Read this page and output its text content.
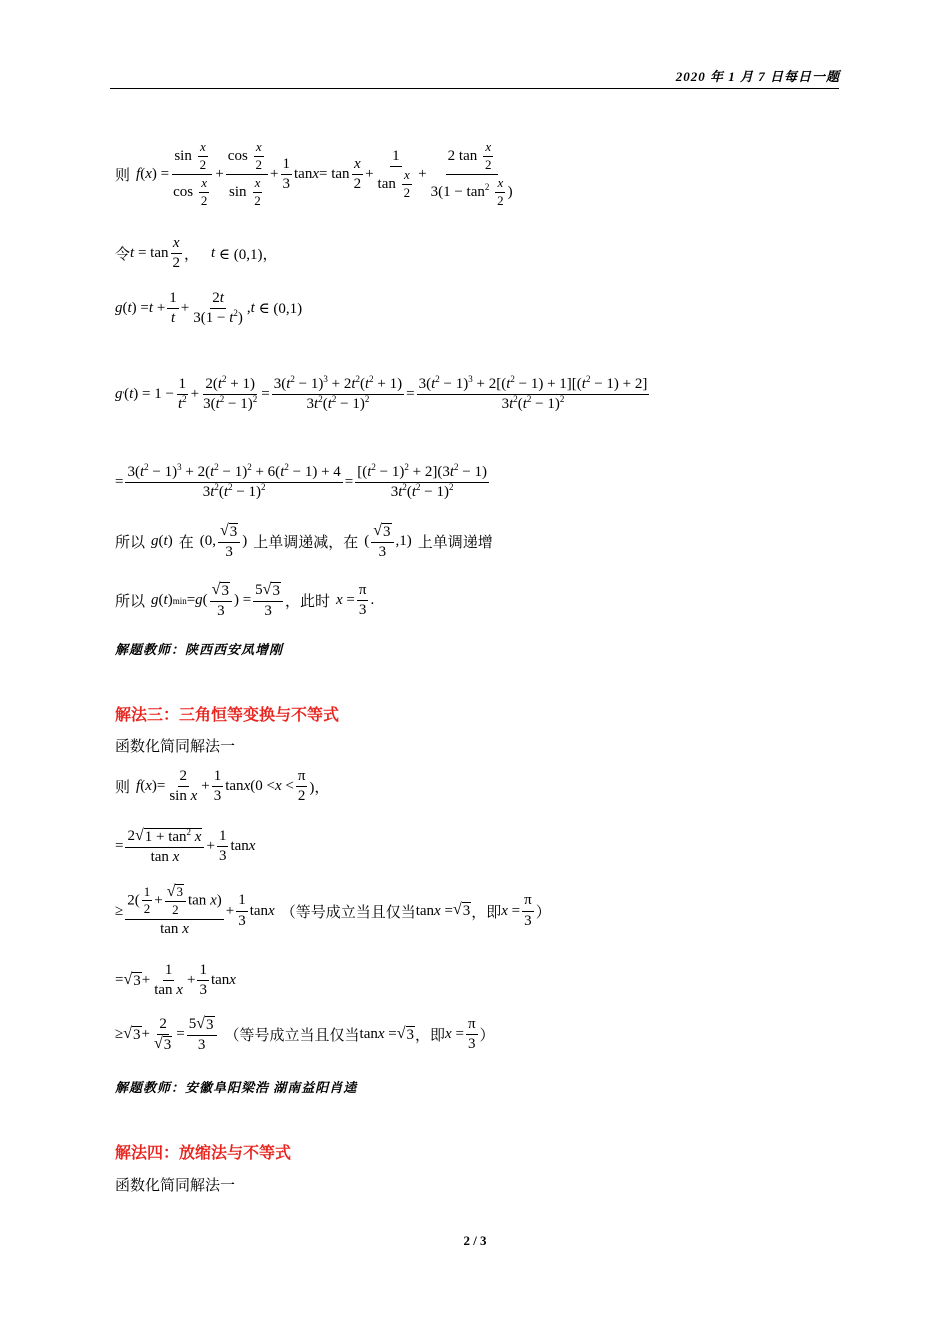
2020 年 1 月 7 日每日一题
则 f ( x ) = $\frac{\sin \frac{x}{2}}{\cos \frac{x}{2}} + \frac{\cos \frac{x}{2}}{\sin \frac{x}{2}} + \frac{1}{3}$ $\tan x = \tan \frac{x}{2} + \frac{1}{\tan \frac{x}{2}} + \frac{2 \tan \frac{x}{2}}{3(1 - \tan^2 \frac{x}{2} )}$
令 $t = \tan \frac{x}{2}$ ， t ∈ (0,1)，
g ( t ) = $t + \frac{1}{t} + \frac{2t}{3(1 - t^2)}$ , t ∈ (0,1)
g ' ( t ) = $1 - \frac{1}{t^2} + \frac{2(t^2 + 1)}{3(t^2 - 1)^2} = \frac{3(t^2 - 1)^3 + 2t^2(t^2 + 1)}{3t^2(t^2 - 1)^2} = \frac{3(t^2 - 1)^3 + 2[(t^2 - 1) + 1][(t^2 - 1) + 2]}{3t^2(t^2 - 1)^2}$
= $\frac{3(t^2 - 1)^3 + 2(t^2 - 1)^2 + 6(t^2 - 1) + 4}{3t^2(t^2 - 1)^2} = \frac{[(t^2 - 1)^2 + 2](3t^2 - 1)}{3t^2(t^2 - 1)^2}$
所以 g ( t ) 在 (0, $\frac{√ 3}{3}$ ) 上单调递减，在 ( $\frac{√ 3}{3} ,1$) 上单调递增
所以 g ( t ) min = g ( $\frac{√ 3}{3}$ ) = $\frac{5 √ 3}{3}$ ，此时 $x = \frac{\pi}{3}$ .
解题教师：陕西西安凤增刚
解法三：三角恒等变换与不等式
函数化简同解法一
则 f ( x )= $\frac{2}{\text{sin x}} + \frac{1}{3}$ tan x ($0 < x < \frac{\pi}{2}$ )，
= $\frac{2 √ 1 + \tan^2 x}{\text{tan x}} + \frac{1}{3}$ tan x
≥ $\frac{2( \frac{1}{2} + \frac{√ 3}{2} \tan x)}{\text{tan x}} + \frac{1}{3}$ tan x （等号成立当且仅当 tan x = √ 3 ，即 $x = \frac{\pi}{3}$ ）
= √ $3 + \frac{1}{\text{tan x}} + \frac{1}{3}$ tan x
≥ √ $3 + \frac{2}{√ 3} = \frac{5 √ 3}{3}$ （等号成立当且仅当 tan x = √ 3 ，即 $x = \frac{\pi}{3}$ ）
解题教师：安徽阜阳梁浩 湖南益阳肖逵
解法四：放缩法与不等式
函数化简同解法一
2 / 3
